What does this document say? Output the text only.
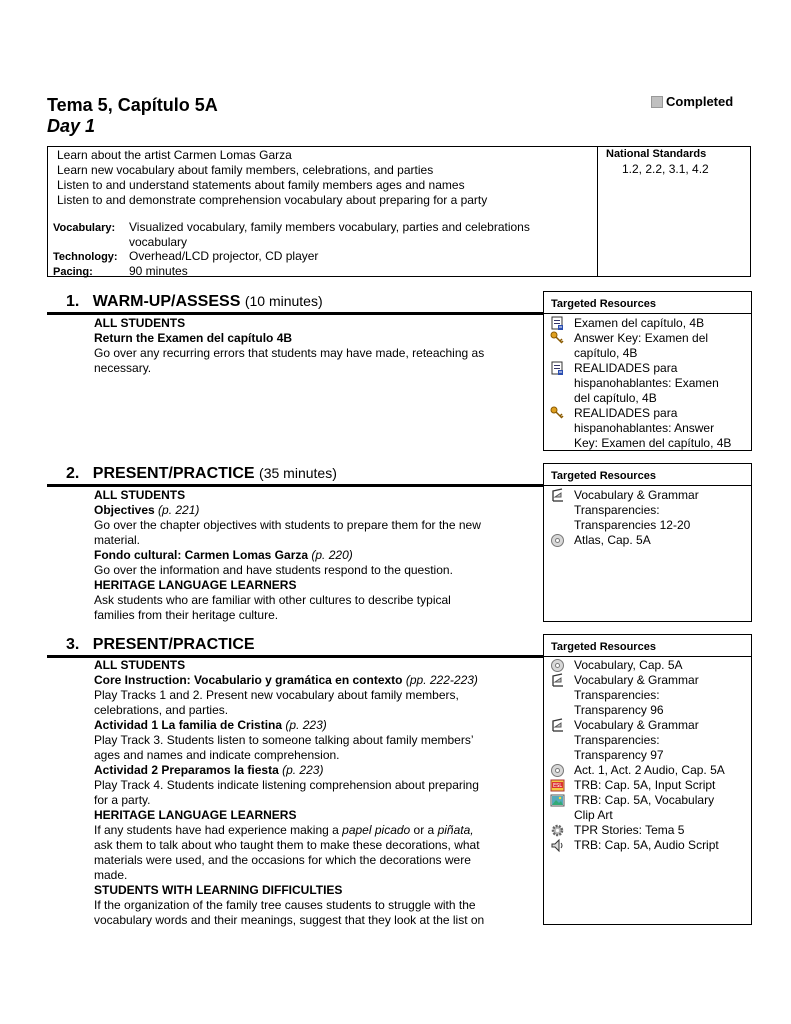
Tema 5, Capítulo 5A
Day 1
Completed
Learn about the artist Carmen Lomas Garza
Learn new vocabulary about family members, celebrations, and parties
Listen to and understand statements about family members ages and names
Listen to and demonstrate comprehension vocabulary about preparing for a party
National Standards
1.2, 2.2, 3.1, 4.2
Vocabulary: Visualized vocabulary, family members vocabulary, parties and celebrations
vocabulary
Technology: Overhead/LCD projector, CD player
Pacing:	90 minutes
1. WARM-UP/ASSESS (10 minutes)	Targeted Resources
Examen del capítulo, 4B
Answer Key: Examen del
capítulo, 4B
REALIDADES para
hispanohablantes: Examen
del capítulo, 4B
REALIDADES para
hispanohablantes: Answer
Key: Examen del capítulo, 4B
ALL STUDENTS
Return the Examen del capítulo 4B
Go over any recurring errors that students may have made, reteaching as
necessary.
2. PRESENT/PRACTICE (35 minutes)	Targeted Resources
Vocabulary & Grammar
Transparencies:
Transparencies 12-20
Atlas, Cap. 5A
ALL STUDENTS
Objectives (p. 221)
Go over the chapter objectives with students to prepare them for the new
material.
Fondo cultural: Carmen Lomas Garza (p. 220)
Go over the information and have students respond to the question.
HERITAGE LANGUAGE LEARNERS
Ask students who are familiar with other cultures to describe typical
families from their heritage culture.
3. PRESENT/PRACTICE	Targeted Resources
Vocabulary, Cap. 5A
Vocabulary & Grammar
Transparencies:
Transparency 96
Vocabulary & Grammar
Transparencies:
Transparency 97
Act. 1, Act. 2 Audio, Cap. 5A
ESL TRB: Cap. 5A, Input Script
TRB: Cap. 5A, Vocabulary
Clip Art
TPR Stories: Tema 5
TRB: Cap. 5A, Audio Script
ALL STUDENTS
Core Instruction: Vocabulario y gramática en contexto (pp. 222-223)
Play Tracks 1 and 2. Present new vocabulary about family members,
celebrations, and parties.
Actividad 1 La familia de Cristina (p. 223)
Play Track 3. Students listen to someone talking about family members’
ages and names and indicate comprehension.
Actividad 2 Preparamos la fiesta (p. 223)
Play Track 4. Students indicate listening comprehension about preparing
for a party.
HERITAGE LANGUAGE LEARNERS
If any students have had experience making a papel picado or a piñata,
ask them to talk about who taught them to make these decorations, what
materials were used, and the occasions for which the decorations were
made.
STUDENTS WITH LEARNING DIFFICULTIES
If the organization of the family tree causes students to struggle with the
vocabulary words and their meanings, suggest that they look at the list on
